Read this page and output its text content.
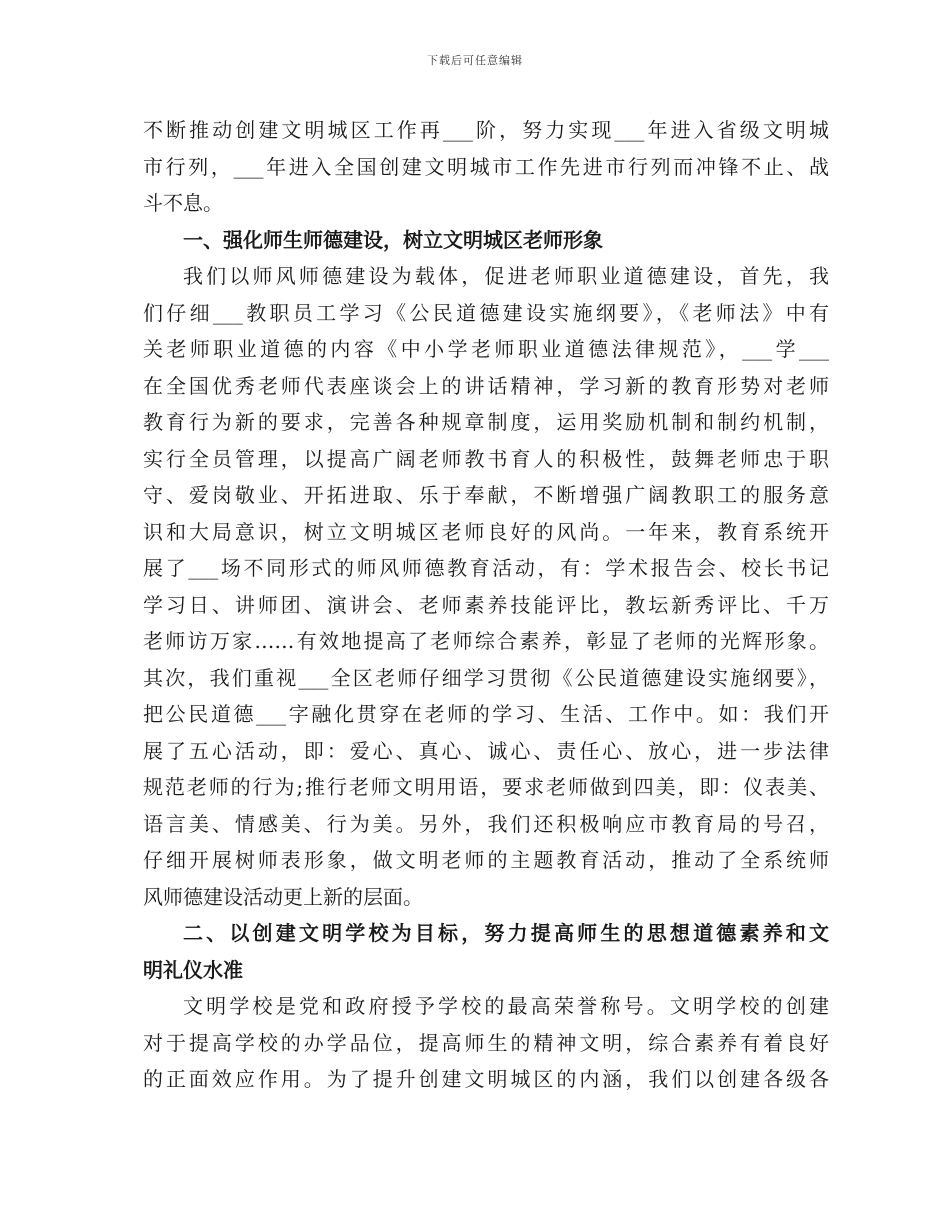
下载后可任意编辑
不断推动创建文明城区工作再___阶，努力实现___年进入省级文明城
市行列，___年进入全国创建文明城市工作先进市行列而冲锋不止、战
斗不息。
一、强化师生师德建设，树立文明城区老师形象
我们以师风师德建设为载体，促进老师职业道德建设，首先，我
们仔细___教职员工学习《公民道德建设实施纲要》，《老师法》中有
关老师职业道德的内容《中小学老师职业道德法律规范》，___学___
在全国优秀老师代表座谈会上的讲话精神，学习新的教育形势对老师
教育行为新的要求，完善各种规章制度，运用奖励机制和制约机制，
实行全员管理，以提高广阔老师教书育人的积极性，鼓舞老师忠于职
守、爱岗敬业、开拓进取、乐于奉献，不断增强广阔教职工的服务意
识和大局意识，树立文明城区老师良好的风尚。一年来，教育系统开
展了___场不同形式的师风师德教育活动，有：学术报告会、校长书记
学习日、讲师团、演讲会、老师素养技能评比，教坛新秀评比、千万
老师访万家……有效地提高了老师综合素养，彰显了老师的光辉形象。
其次，我们重视___全区老师仔细学习贯彻《公民道德建设实施纲要》，
把公民道德___字融化贯穿在老师的学习、生活、工作中。如：我们开
展了五心活动，即：爱心、真心、诚心、责任心、放心，进一步法律
规范老师的行为;推行老师文明用语，要求老师做到四美，即：仪表美、
语言美、情感美、行为美。另外，我们还积极响应市教育局的号召，
仔细开展树师表形象，做文明老师的主题教育活动，推动了全系统师
风师德建设活动更上新的层面。
二、以创建文明学校为目标，努力提高师生的思想道德素养和文
明礼仪水准
文明学校是党和政府授予学校的最高荣誉称号。文明学校的创建
对于提高学校的办学品位，提高师生的精神文明，综合素养有着良好
的正面效应作用。为了提升创建文明城区的内涵，我们以创建各级各
